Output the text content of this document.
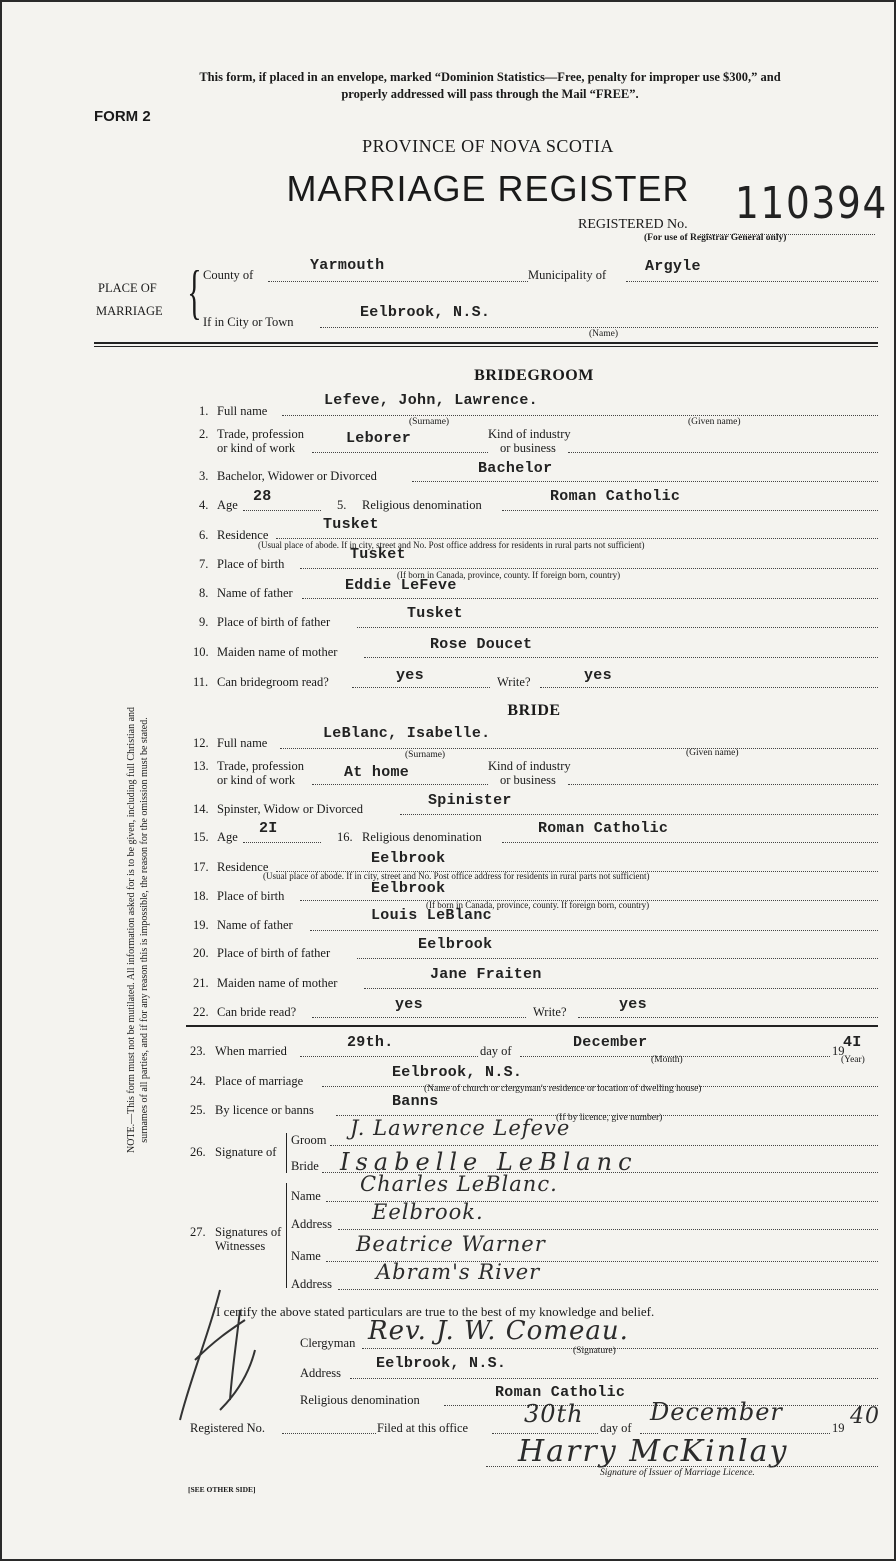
This form, if placed in an envelope, marked “Dominion Statistics—Free, penalty for improper use $300,” and
properly addressed will pass through the Mail “FREE”.
FORM 2
PROVINCE OF NOVA SCOTIA
MARRIAGE REGISTER	110394
REGISTERED No.
(For use of Registrar General only)
PLACE OF
MARRIAGE { County of
Yarmouth
Municipality of	Argyle
If in City or Town
Eelbrook, N.S.
(Name)
NOTE.—This form must not be mutilated. All information asked for is to be given, including full Christian and surnames of all parties, and if for any reason this is impossible, the reason for the omission must be stated.
BRIDEGROOM
1. Full name
Lefeve, John, Lawrence.
(Surname)	(Given name)
2. Trade, profession
or kind of work
Leborer	Kind of industry
or business
3. Bachelor, Widower or Divorced	Bachelor
4. Age 28	5. Religious denomination	Roman Catholic
6. Residence
Tusket
(Usual place of abode. If in city, street and No. Post office address for residents in rural parts not sufficient)
7. Place of birth
Tusket
(If born in Canada, province, county. If foreign born, country)
8. Name of father	Eddie LeFeve
9. Place of birth of father	Tusket
10. Maiden name of mother	Rose Doucet
11. Can bridegroom read?	yes	Write?	yes
BRIDE
12. Full name
LeBlanc, Isabelle.
(Surname)	(Given name)
13. Trade, profession
or kind of work	At home	Kind of industry
or business
14. Spinster, Widow or Divorced	Spinister
15. Age 2I	16. Religious denomination	Roman Catholic
17. Residence	Eelbrook
(Usual place of abode. If in city, street and No. Post office address for residents in rural parts not sufficient)
18. Place of birth	Eelbrook
(If born in Canada, province, county. If foreign born, country)
19. Name of father
Louis LeBlanc
20. Place of birth of father	Eelbrook
21. Maiden name of mother	Jane Fraiten
22. Can bride read?	yes	Write?	yes
23. When married	29th.	day of	December
(Month)
19
4I
(Year)
24. Place of marriage	Eelbrook, N.S.
(Name of church or clergyman's residence or location of dwelling house)
25. By licence or banns	Banns
(If by licence, give number)
26. Signature of
Groom J. Lawrence Lefeve
Bride Isabelle LeBlanc
27. Signatures of
Witnesses
Name Charles LeBlanc.
Address Eelbrook.
Name Beatrice Warner
Address Abram's River
I certify the above stated particulars are true to the best of my knowledge and belief.
Clergyman Rev. J. W. Comeau.
(Signature)
Address
Eelbrook, N.S.
Religious denomination	Roman Catholic
Registered No.	Filed at this office 30th day of
December
19 40
Harry McKinlay
Signature of Issuer of Marriage Licence.
[SEE OTHER SIDE]
